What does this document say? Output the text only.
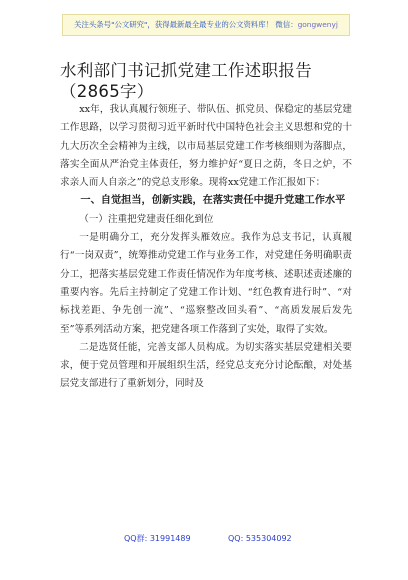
关注头条号"公文研究"，获得最新最全最专业的公文资料库！ 微信：gongwenyj
水利部门书记抓党建工作述职报告（2865字）

xx年，我认真履行领班子、带队伍、抓党员、保稳定的基层党建工作思路，以学习贯彻习近平新时代中国特色社会主义思想和党的十九大历次全会精神为主线，以市局基层党建工作考核细则为落脚点，落实全面从严治党主体责任，努力维护好“夏日之荫，冬日之炉，不求亲人而人自亲之”的党总支形象。现将xx党建工作汇报如下：

一、自觉担当，创新实践，在落实责任中提升党建工作水平

（一）注重把党建责任细化到位

一是明确分工，充分发挥头雁效应。我作为总支书记，认真履行“一岗双责”，统筹推动党建工作与业务工作，对党建任务明确职责分工，把落实基层党建工作责任情况作为年度考核、述职述责述廉的重要内容。先后主持制定了党建工作计划、“红色教育进行时”、“对标找差距、争先创一流”、“巡察整改回头看”、“高质发展后发先至”等系列活动方案，把党建各项工作落到了实处，取得了实效。

二是选贤任能，完善支部人员构成。为切实落实基层党建相关要求，便于党员管理和开展组织生活，经党总支充分讨论酝酿，对处基层党支部进行了重新划分，同时及

QQ群: 31991489	QQ: 535304092
